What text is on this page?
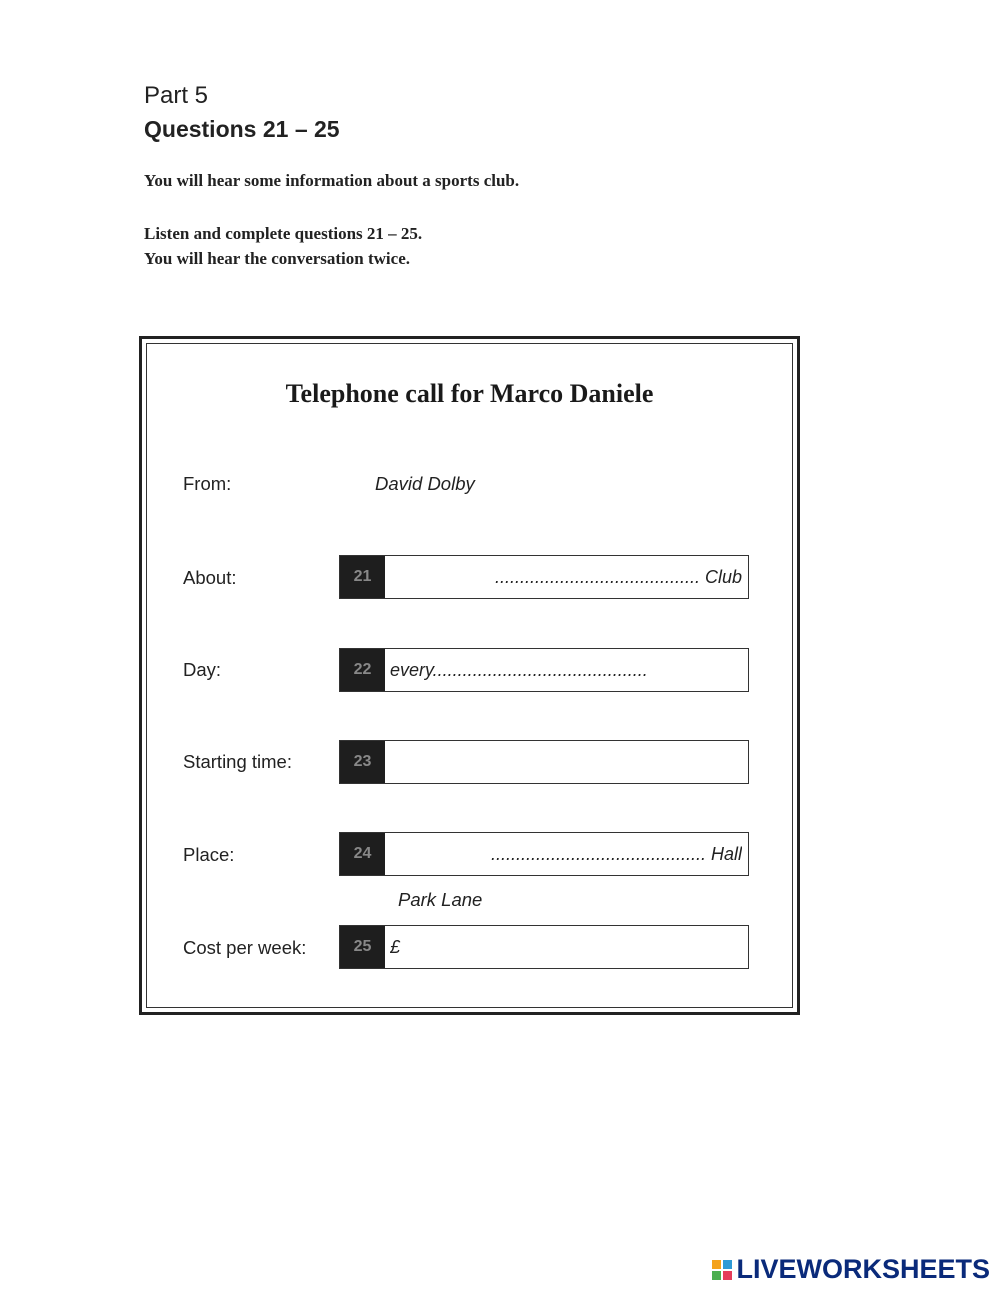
Part 5
Questions 21 – 25

You will hear some information about a sports club.

Listen and complete questions 21 – 25.

You will hear the conversation twice.

Telephone call for Marco Daniele
From:	David Dolby
About:	21
......................................... Club
Day:	22
every...........................................
Starting time:	23
Place:	24
........................................... Hall
Park Lane
Cost per week:	25
£
LIVEWORKSHEETS
